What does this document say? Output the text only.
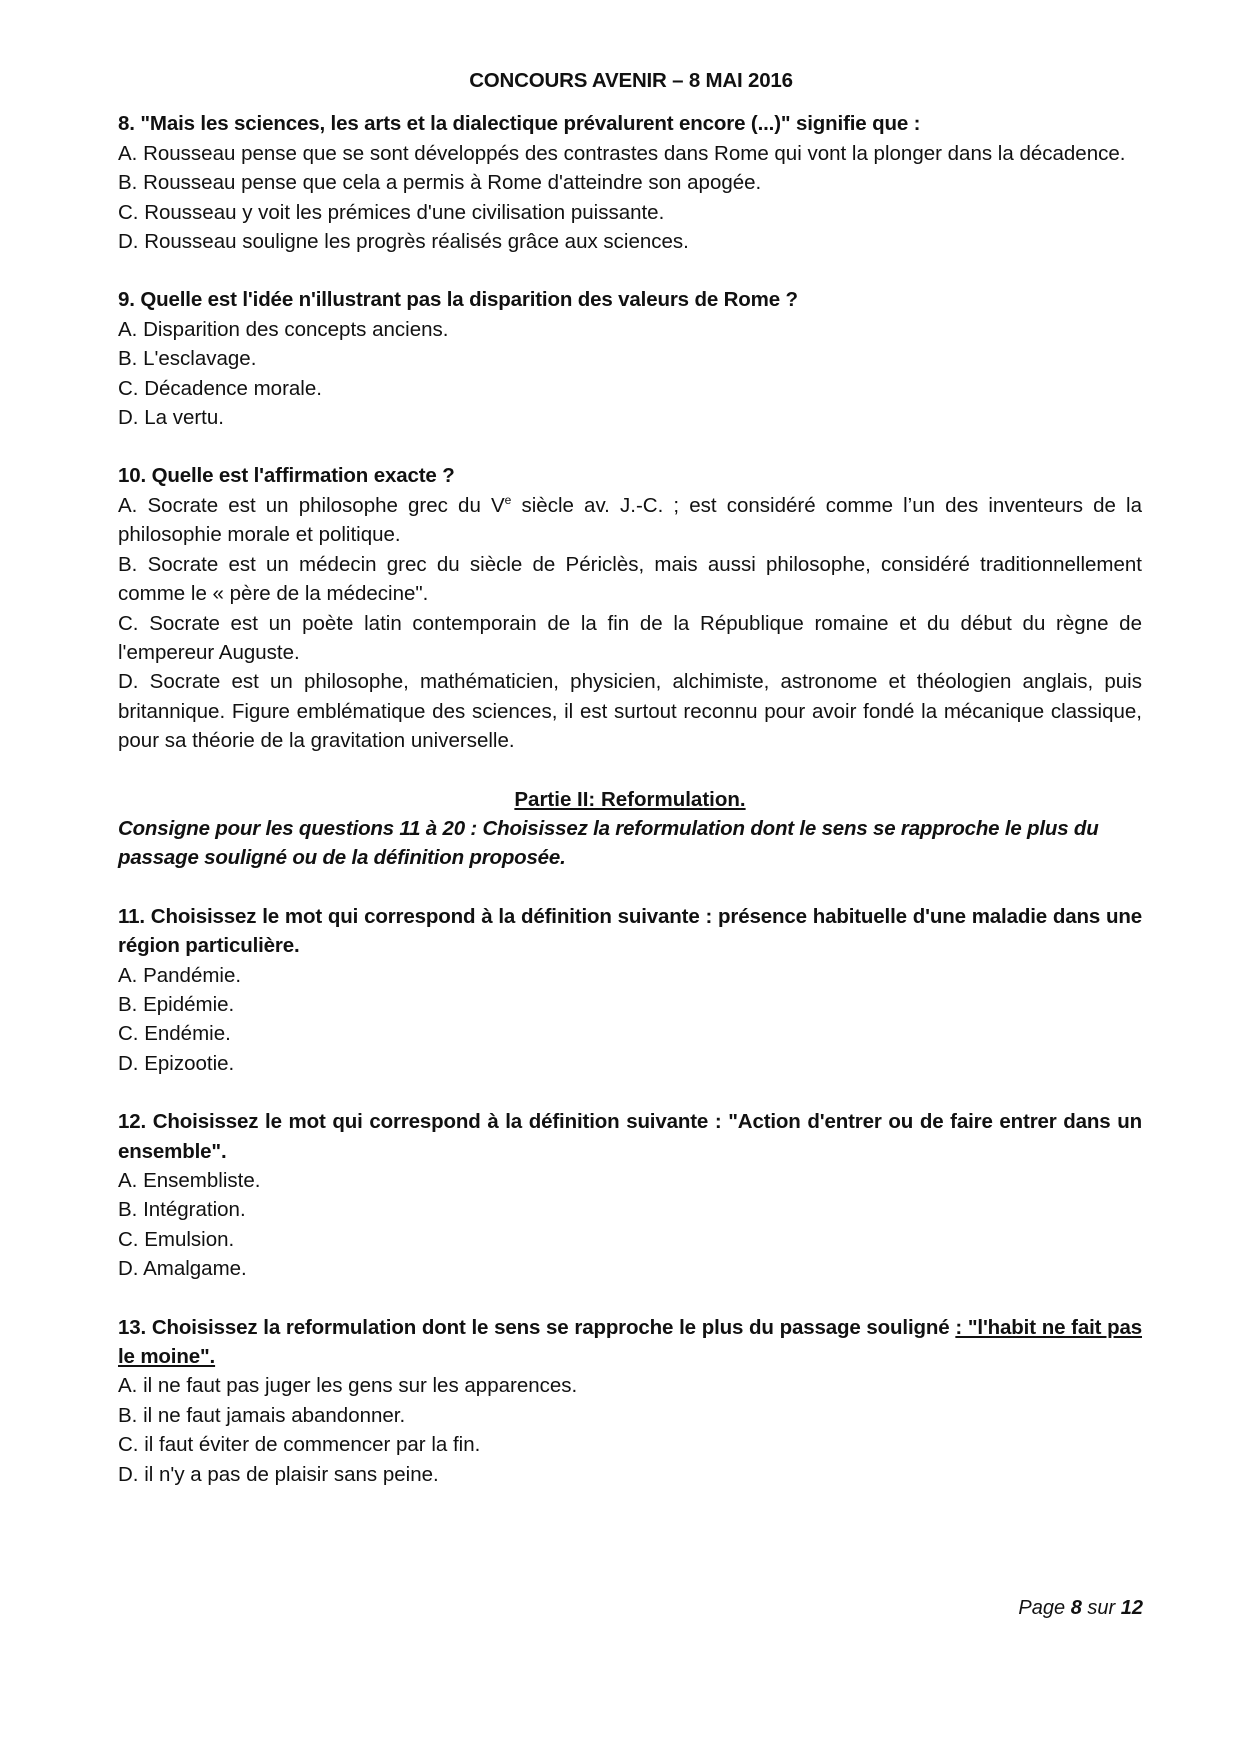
CONCOURS AVENIR – 8 MAI 2016
8. "Mais les sciences, les arts et la dialectique prévalurent encore (...)" signifie que :
A. Rousseau pense que se sont développés des contrastes dans Rome qui vont la plonger dans la décadence.
B. Rousseau pense que cela a permis à Rome d'atteindre son apogée.
C. Rousseau y voit les prémices d'une civilisation puissante.
D. Rousseau souligne les progrès réalisés grâce aux sciences.
9. Quelle est l'idée n'illustrant pas la disparition des valeurs de Rome ?
A. Disparition des concepts anciens.
B. L'esclavage.
C. Décadence morale.
D. La vertu.
10. Quelle est l'affirmation exacte ?
A. Socrate est un philosophe grec du Ve siècle av. J.-C. ; est considéré comme l’un des inventeurs de la philosophie morale et politique.
B. Socrate est un médecin grec du siècle de Périclès, mais aussi philosophe, considéré traditionnellement comme le « père de la médecine".
C. Socrate est un poète latin contemporain de la fin de la République romaine et du début du règne de l'empereur Auguste.
D. Socrate est un philosophe, mathématicien, physicien, alchimiste, astronome et théologien anglais, puis britannique. Figure emblématique des sciences, il est surtout reconnu pour avoir fondé la mécanique classique, pour sa théorie de la gravitation universelle.
Partie II: Reformulation.
Consigne pour les questions 11 à 20 : Choisissez la reformulation dont le sens se rapproche le plus du passage souligné ou de la définition proposée.
11. Choisissez le mot qui correspond à la définition suivante : présence habituelle d'une maladie dans une région particulière.
A. Pandémie.
B. Epidémie.
C. Endémie.
D. Epizootie.
12. Choisissez le mot qui correspond à la définition suivante : "Action d'entrer ou de faire entrer dans un ensemble".
A. Ensembliste.
B. Intégration.
C. Emulsion.
D. Amalgame.
13. Choisissez la reformulation dont le sens se rapproche le plus du passage souligné : "l'habit ne fait pas le moine".
A. il ne faut pas juger les gens sur les apparences.
B. il ne faut jamais abandonner.
C. il faut éviter de commencer par la fin.
D. il n'y a pas de plaisir sans peine.
Page 8 sur 12
